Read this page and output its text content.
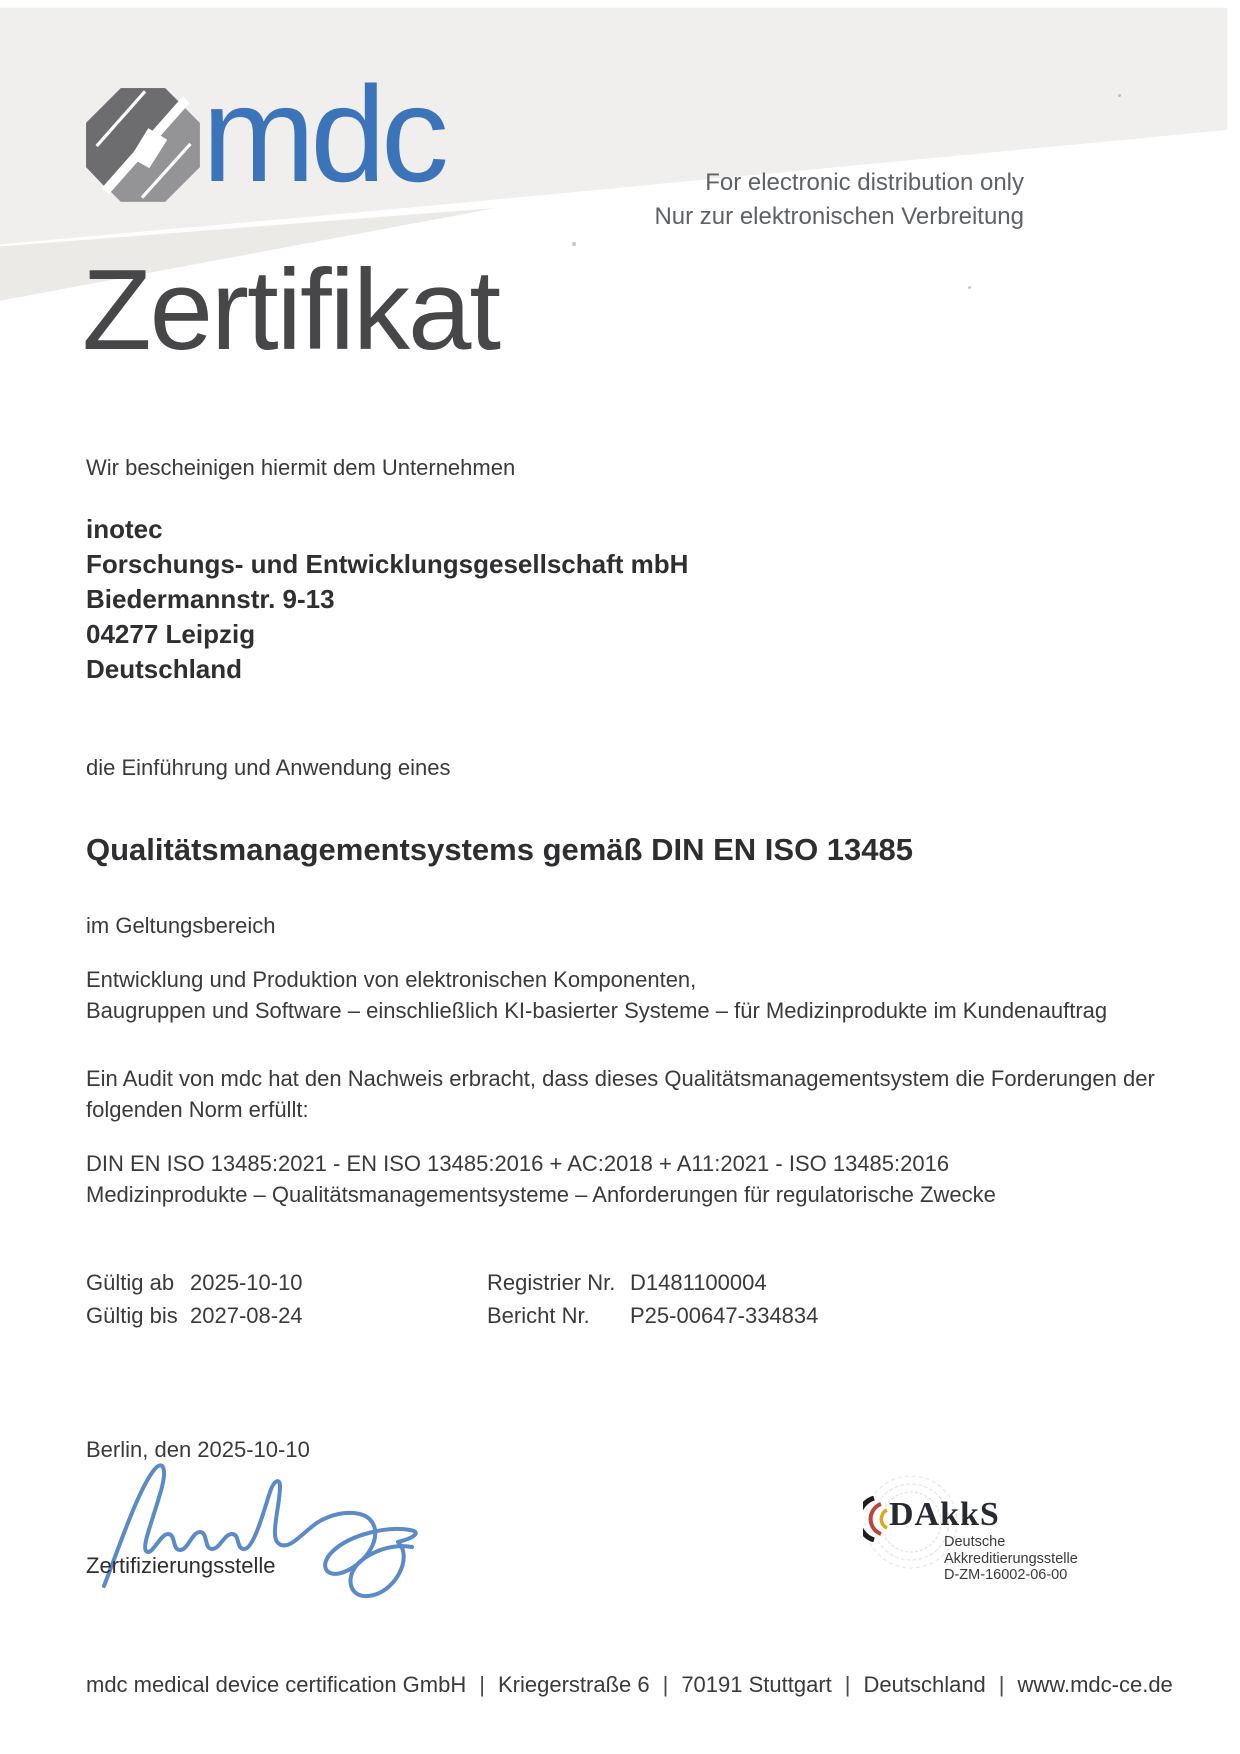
mdc	For electronic distribution only
Nur zur elektronischen Verbreitung
Zertifikat
Wir bescheinigen hiermit dem Unternehmen
inotec
Forschungs- und Entwicklungsgesellschaft mbH
Biedermannstr. 9-13
04277 Leipzig
Deutschland
die Einführung und Anwendung eines
Qualitätsmanagementsystems gemäß DIN EN ISO 13485
im Geltungsbereich
Entwicklung und Produktion von elektronischen Komponenten,
Baugruppen und Software – einschließlich KI-basierter Systeme – für Medizinprodukte im Kundenauftrag
Ein Audit von mdc hat den Nachweis erbracht, dass dieses Qualitätsmanagementsystem die Forderungen der
folgenden Norm erfüllt:
DIN EN ISO 13485:2021 - EN ISO 13485:2016 + AC:2018 + A11:2021 - ISO 13485:2016
Medizinprodukte – Qualitätsmanagementsysteme – Anforderungen für regulatorische Zwecke
Gültig ab 2025-10-10
Gültig bis 2027-08-24
Registrier Nr. D1481100004
Bericht Nr. P25-00647-334834
Berlin, den 2025-10-10
Zertifizierungsstelle
DAkkS
Deutsche
Akkreditierungsstelle
D-ZM-16002-06-00
mdc medical device certification GmbH | Kriegerstraße 6 | 70191 Stuttgart | Deutschland | www.mdc-ce.de
